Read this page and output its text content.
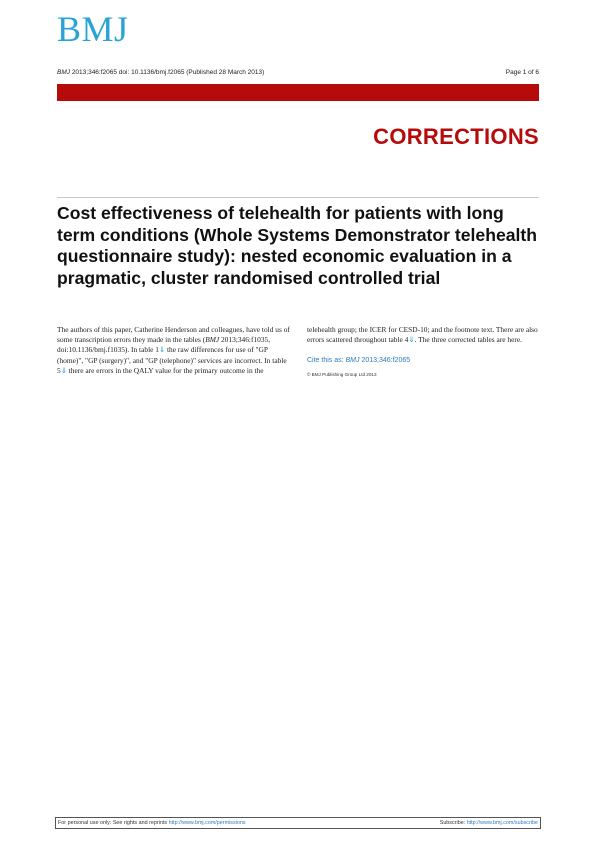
BMJ
BMJ 2013;346:f2065 doi: 10.1136/bmj.f2065 (Published 28 March 2013)	Page 1 of 6
CORRECTIONS
Cost effectiveness of telehealth for patients with long term conditions (Whole Systems Demonstrator telehealth questionnaire study): nested economic evaluation in a pragmatic, cluster randomised controlled trial

The authors of this paper, Catherine Henderson and colleagues, have told us of some transcription errors they made in the tables (BMJ 2013;346:f1035, doi:10.1136/bmj.f1035). In table 1⇓ the raw differences for use of "GP (home)", "GP (surgery)", and "GP (telephone)" services are incorrect. In table 5⇓ there are errors in the QALY value for the primary outcome in the

telehealth group; the ICER for CESD-10; and the footnote text. There are also errors scattered throughout table 4⇓. The three corrected tables are here.

Cite this as: BMJ 2013;346:f2065
© BMJ Publishing Group Ltd 2013
For personal use only: See rights and reprints http://www.bmj.com/permissions	Subscribe: http://www.bmj.com/subscribe
